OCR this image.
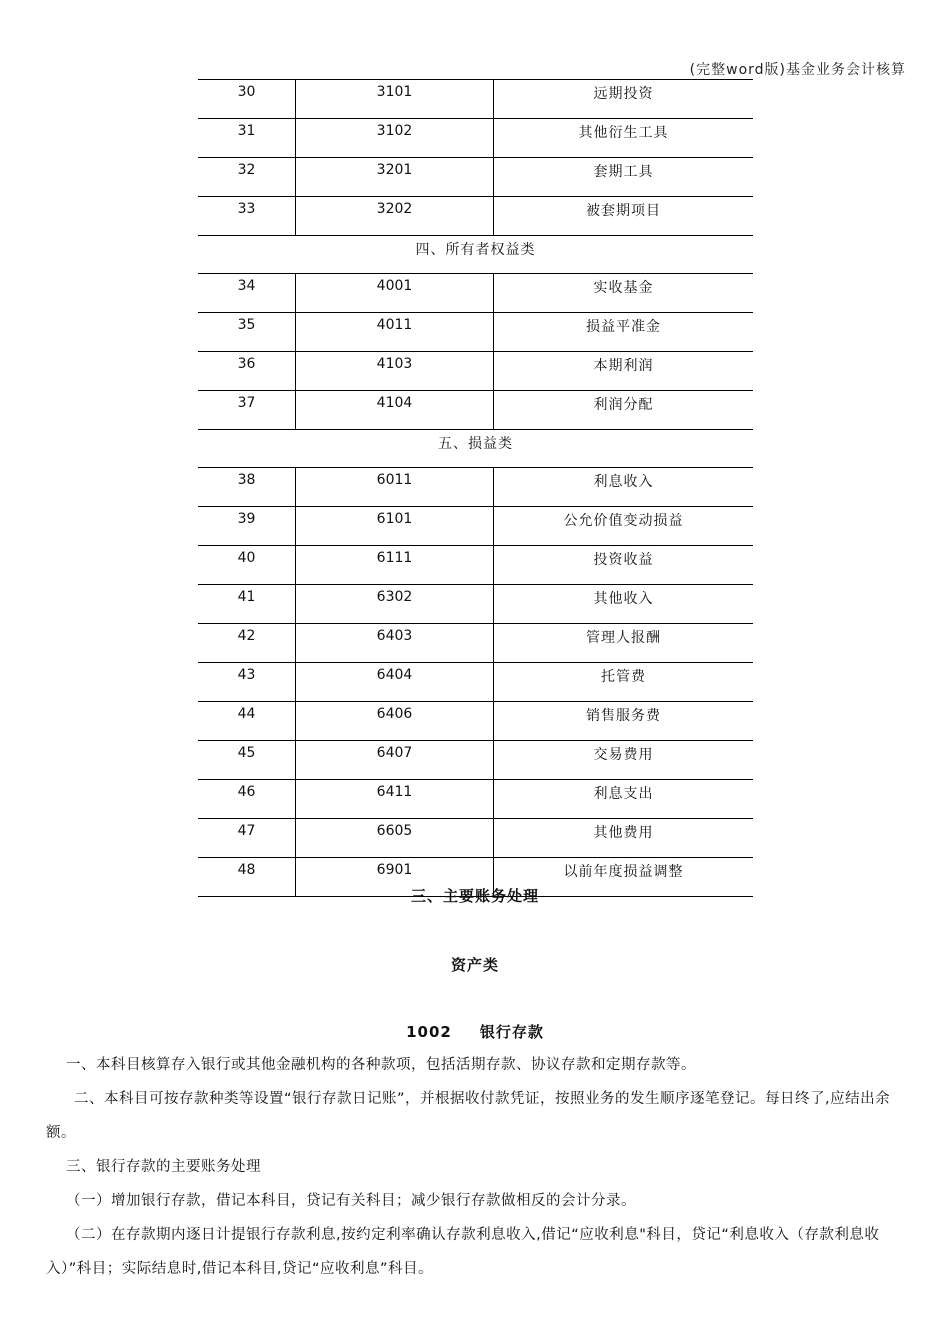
(完整word版)基金业务会计核算
30	3101	远期投资
31	3102	其他衍生工具
32	3201	套期工具
33	3202	被套期项目
四、所有者权益类		
34	4001	实收基金
35	4011	损益平准金
36	4103	本期利润
37	4104	利润分配
五、损益类		
38	6011	利息收入
39	6101	公允价值变动损益
40	6111	投资收益
41	6302	其他收入
42	6403	管理人报酬
43	6404	托管费
44	6406	销售服务费
45	6407	交易费用
46	6411	利息支出
47	6605	其他费用
48	6901	以前年度损益调整
三、主要账务处理
资产类
1002 银行存款
一、本科目核算存入银行或其他金融机构的各种款项，包括活期存款、协议存款和定期存款等。
二、本科目可按存款种类等设置“银行存款日记账”，并根据收付款凭证，按照业务的发生顺序逐笔登记。每日终了,应结出余额。
三、银行存款的主要账务处理
（一）增加银行存款，借记本科目，贷记有关科目；减少银行存款做相反的会计分录。
（二）在存款期内逐日计提银行存款利息,按约定利率确认存款利息收入,借记“应收利息"科目，贷记“利息收入（存款利息收入）”科目；实际结息时,借记本科目,贷记“应收利息”科目。
